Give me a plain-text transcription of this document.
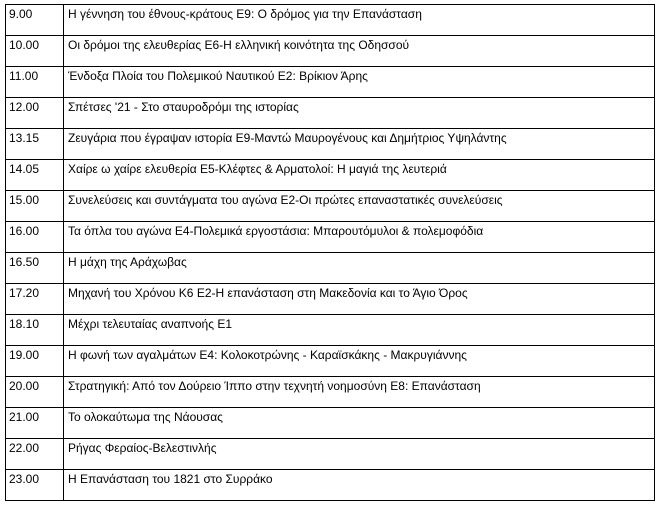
9.00	Η γέννηση του έθνους-κράτους Ε9: Ο δρόμος για την Επανάσταση

10.00	Οι δρόμοι της ελευθερίας Ε6-Η ελληνική κοινότητα της Οδησσού

11.00	Ένδοξα Πλοία του Πολεμικού Ναυτικού Ε2: Βρίκιον Άρης

12.00	Σπέτσες '21 - Στο σταυροδρόμι της ιστορίας

13.15	Ζευγάρια που έγραψαν ιστορία Ε9-Μαντώ Μαυρογένους και Δημήτριος Υψηλάντης

14.05	Χαίρε ω χαίρε ελευθερία Ε5-Κλέφτες & Αρματολοί: Η μαγιά της λευτεριά

15.00	Συνελεύσεις και συντάγματα του αγώνα Ε2-Οι πρώτες επαναστατικές συνελεύσεις

16.00	Τα όπλα του αγώνα Ε4-Πολεμικά εργοστάσια: Μπαρουτόμυλοι & πολεμοφόδια

16.50	Η μάχη της Αράχωβας

17.20	Μηχανή του Χρόνου Κ6 Ε2-Η επανάσταση στη Μακεδονία και το Άγιο Όρος

18.10	Μέχρι τελευταίας αναπνοής Ε1

19.00	Η φωνή των αγαλμάτων Ε4: Κολοκοτρώνης - Καραϊσκάκης - Μακρυγιάννης

20.00	Στρατηγική: Από τον Δούρειο Ίππο στην τεχνητή νοημοσύνη Ε8: Επανάσταση

21.00	Το ολοκαύτωμα της Νάουσας

22.00	Ρήγας Φεραίος-Βελεστινλής

23.00	Η Επανάσταση του 1821 στο Συρράκο
